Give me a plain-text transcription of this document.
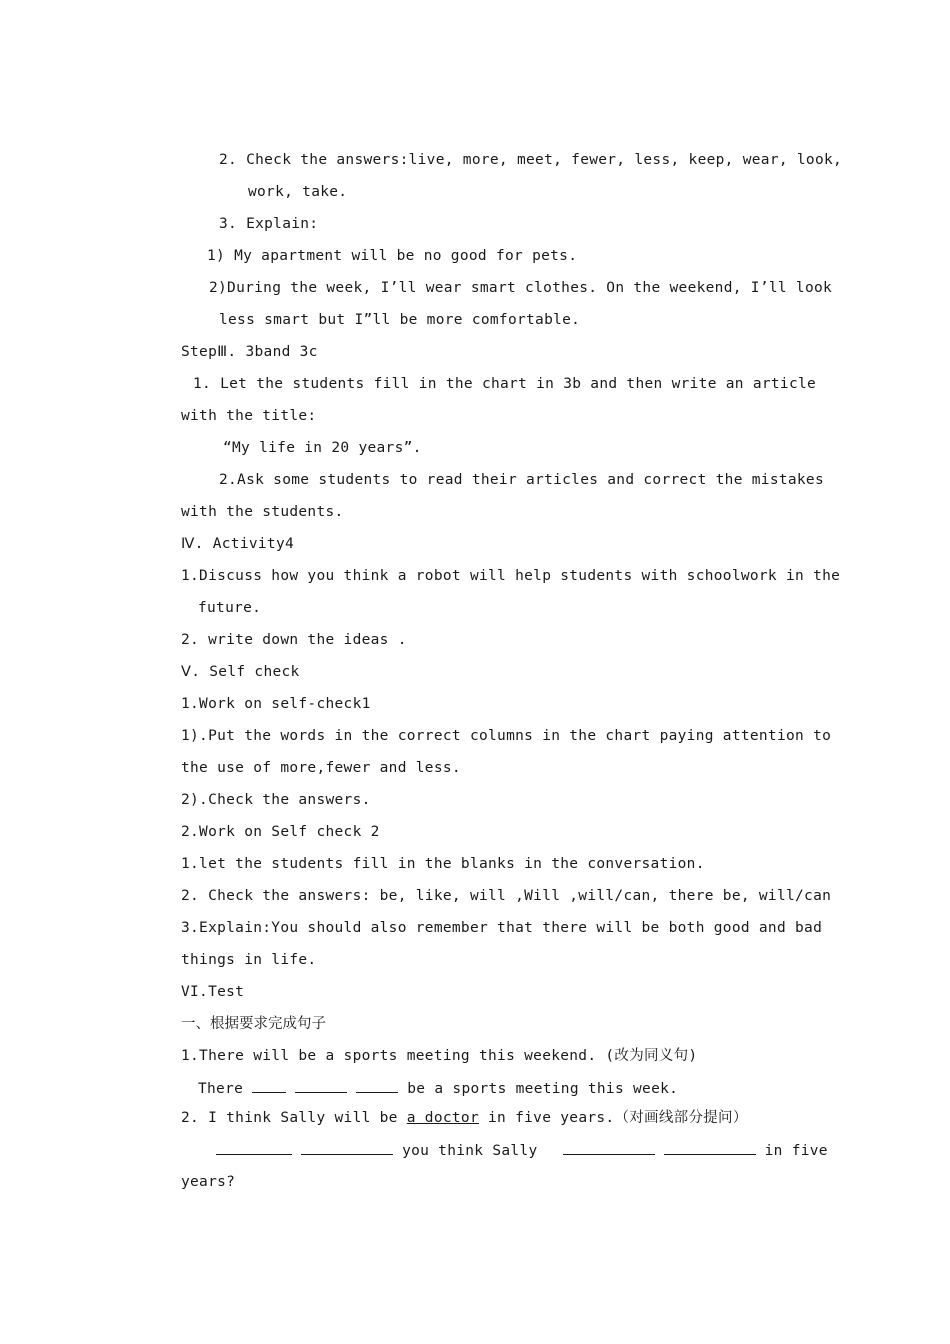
2. Check the answers:live, more, meet, fewer, less, keep, wear, look,
work, take.
3. Explain:
1) My apartment will be no good for pets.
2)During the week, I’ll wear smart clothes. On the weekend, I’ll look
less smart but I”ll be more comfortable.
StepⅢ. 3band 3c
1. Let the students fill in the chart in 3b and then write an article
with the title:
“My life in 20 years”.
2.Ask some students to read their articles and correct the mistakes
with the students.
Ⅳ. Activity4
1.Discuss how you think a robot will help students with schoolwork in the
future.
2. write down the ideas .
Ⅴ. Self check
1.Work on self-check1
1).Put the words in the correct columns in the chart paying attention to
the use of more,fewer and less.
2).Check the answers.
2.Work on Self check 2
1.let the students fill in the blanks in the conversation.
2. Check the answers: be, like, will ,Will ,will/can, there be, will/can
3.Explain:You should also remember that there will be both good and bad
things in life.
VI.Test
一、根据要求完成句子
1.There will be a sports meeting this weekend. (改为同义句)
There	be a sports meeting this week.
2. I think Sally will be a doctor in five years.（对画线部分提问）
you think Sally	in five
years?
